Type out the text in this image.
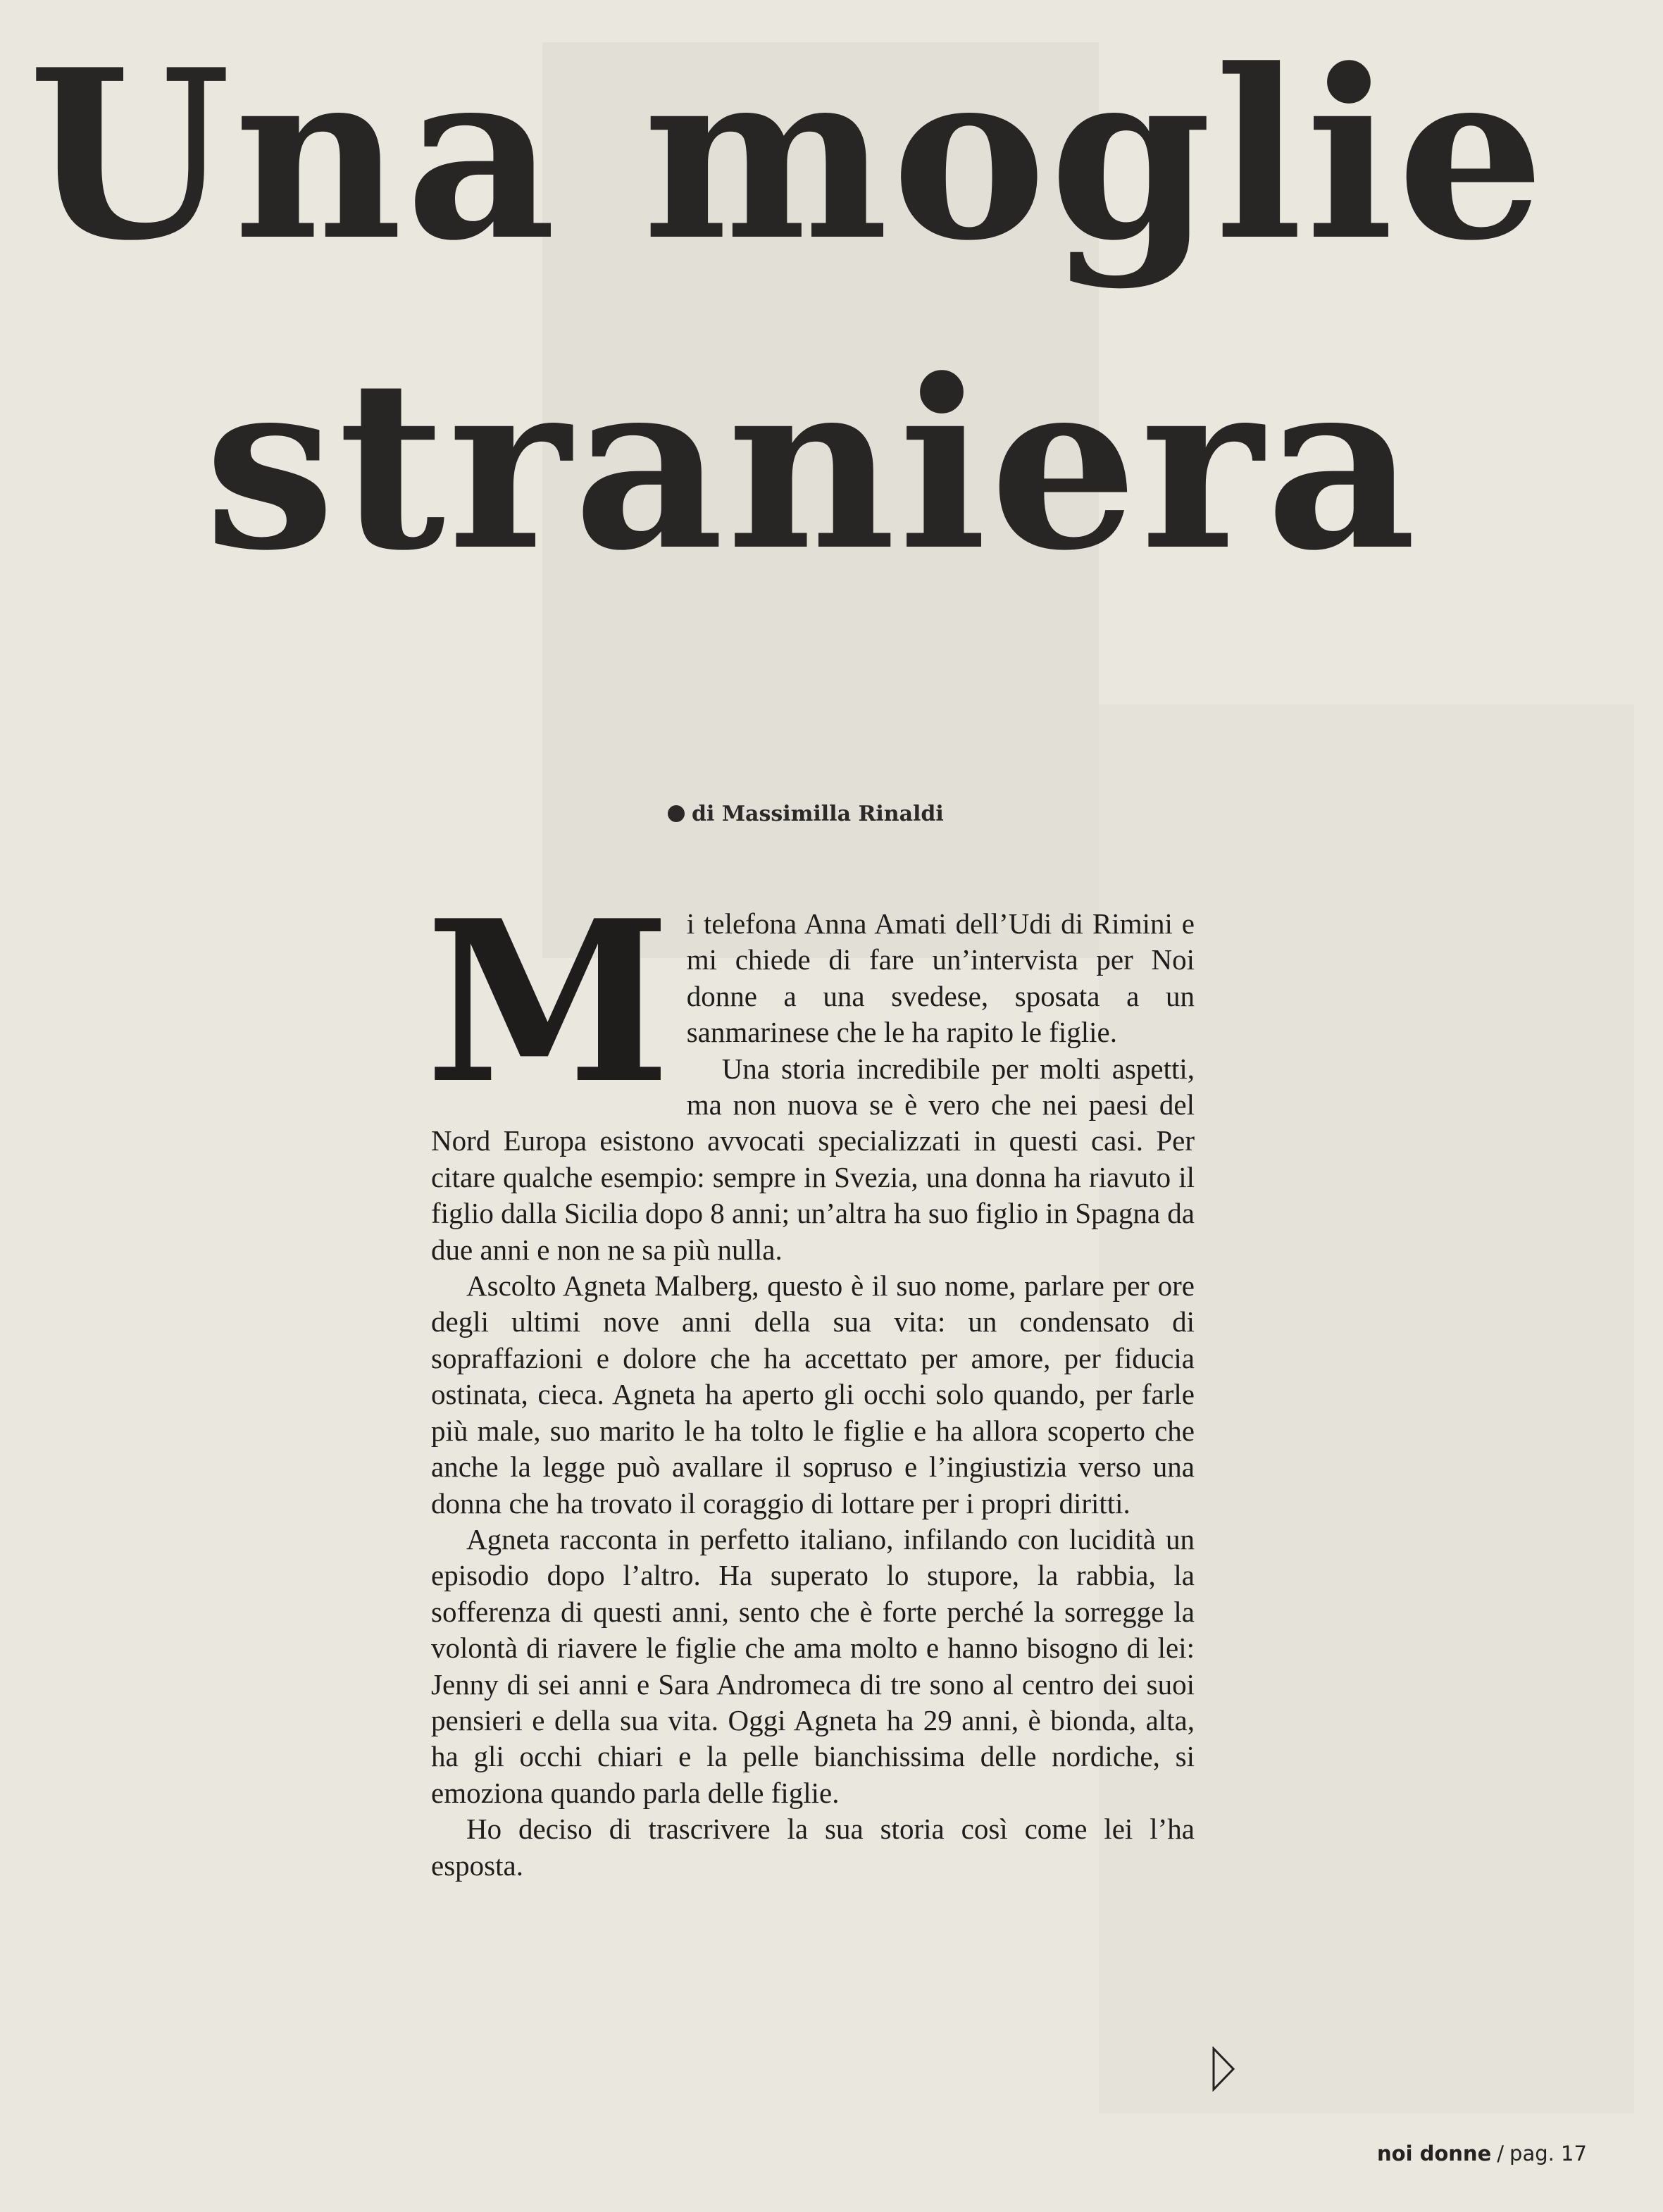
Una moglie
straniera
di Massimilla Rinaldi

Mi telefona Anna Amati dell’Udi di Rimini e mi chiede di fare un’intervista per Noi donne a una svedese, sposata a un sanmarinese che le ha rapito le figlie.

Una storia incredibile per molti aspetti, ma non nuova se è vero che nei paesi del Nord Europa esistono avvocati specializzati in questi casi. Per citare qualche esempio: sempre in Svezia, una donna ha riavuto il figlio dalla Sicilia dopo 8 anni; un’altra ha suo figlio in Spagna da due anni e non ne sa più nulla.

Ascolto Agneta Malberg, questo è il suo nome, parlare per ore degli ultimi nove anni della sua vita: un condensato di sopraffazioni e dolore che ha accettato per amore, per fiducia ostinata, cieca. Agneta ha aperto gli occhi solo quando, per farle più male, suo marito le ha tolto le figlie e ha allora scoperto che anche la legge può avallare il sopruso e l’ingiustizia verso una donna che ha trovato il coraggio di lottare per i propri diritti.

Agneta racconta in perfetto italiano, infilando con lucidità un episodio dopo l’altro. Ha superato lo stupore, la rabbia, la sofferenza di questi anni, sento che è forte perché la sorregge la volontà di riavere le figlie che ama molto e hanno bisogno di lei: Jenny di sei anni e Sara Andromeca di tre sono al centro dei suoi pensieri e della sua vita. Oggi Agneta ha 29 anni, è bionda, alta, ha gli occhi chiari e la pelle bianchissima delle nordiche, si emoziona quando parla delle figlie.

Ho deciso di trascrivere la sua storia così come lei l’ha esposta.

noi donne / pag. 17
